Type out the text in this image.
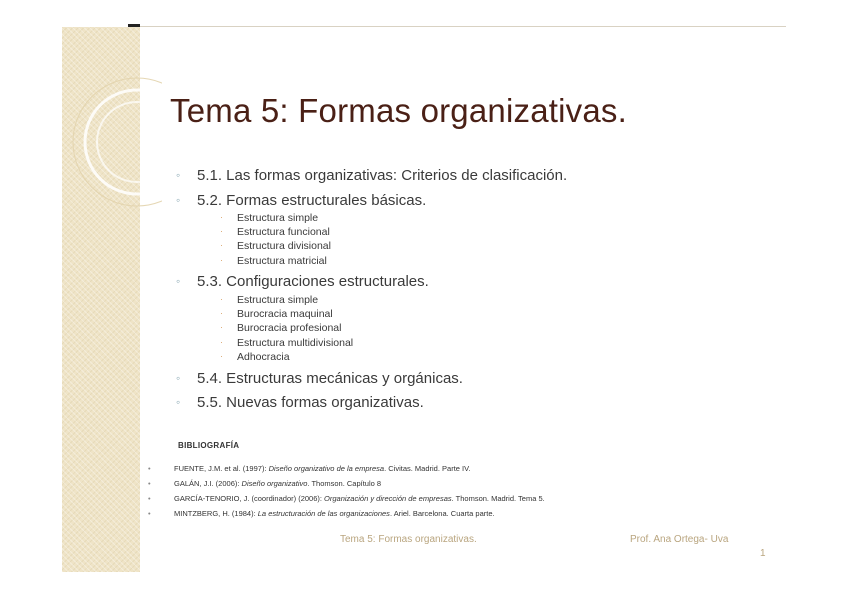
Tema 5: Formas organizativas.
◦ 5.1. Las formas organizativas: Criterios de clasificación.
◦ 5.2. Formas estructurales básicas.
· Estructura simple
· Estructura funcional
· Estructura divisional
· Estructura matricial
◦ 5.3. Configuraciones estructurales.
· Estructura simple
· Burocracia maquinal
· Burocracia profesional
· Estructura multidivisional
· Adhocracia
◦ 5.4. Estructuras mecánicas y orgánicas.
◦ 5.5. Nuevas formas organizativas.
BIBLIOGRAFÍA
•	FUENTE, J.M. et al. (1997): Diseño organizativo de la empresa. Civitas. Madrid. Parte IV.
•	GALÁN, J.I. (2006): Diseño organizativo. Thomson. Capítulo 8
•	GARCÍA-TENORIO, J. (coordinador) (2006): Organización y dirección de empresas. Thomson. Madrid. Tema 5.
•	MINTZBERG, H. (1984): La estructuración de las organizaciones. Ariel. Barcelona. Cuarta parte.
Tema 5: Formas organizativas.	Prof. Ana Ortega- Uva
1
